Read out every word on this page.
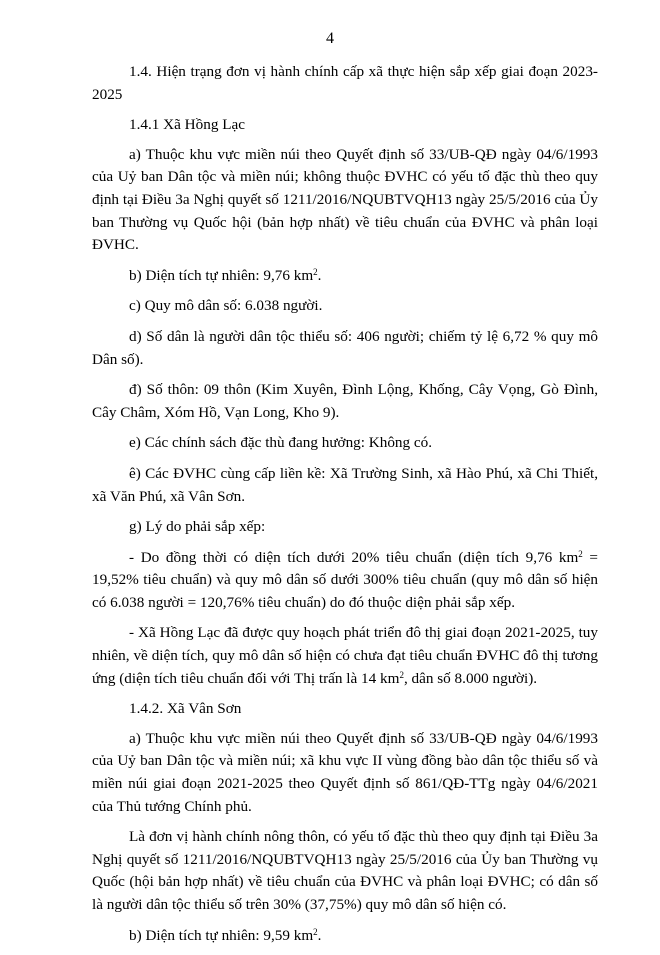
4

1.4. Hiện trạng đơn vị hành chính cấp xã thực hiện sắp xếp giai đoạn 2023-2025

1.4.1 Xã Hồng Lạc

a) Thuộc khu vực miền núi theo Quyết định số 33/UB-QĐ ngày 04/6/1993 của Uỷ ban Dân tộc và miền núi; không thuộc ĐVHC có yếu tố đặc thù theo quy định tại Điều 3a Nghị quyết số 1211/2016/NQUBTVQH13 ngày 25/5/2016 của Ủy ban Thường vụ Quốc hội (bản hợp nhất) về tiêu chuẩn của ĐVHC và phân loại ĐVHC.

b) Diện tích tự nhiên: 9,76 $km^2$.

c) Quy mô dân số: 6.038 người.

d) Số dân là người dân tộc thiểu số: 406 người; chiếm tỷ lệ 6,72 % quy mô Dân số).

đ) Số thôn: 09 thôn (Kim Xuyên, Đình Lộng, Khống, Cây Vọng, Gò Đình, Cây Châm, Xóm Hồ, Vạn Long, Kho 9).

e) Các chính sách đặc thù đang hưởng: Không có.

ê) Các ĐVHC cùng cấp liền kề: Xã Trường Sinh, xã Hào Phú, xã Chi Thiết, xã Văn Phú, xã Vân Sơn.

g) Lý do phải sắp xếp:

- Do đồng thời có diện tích dưới 20% tiêu chuẩn (diện tích 9,76 $km^2 = 19,52\%$ tiêu chuẩn) và quy mô dân số dưới 300% tiêu chuẩn (quy mô dân số hiện có 6.038 người = 120,76% tiêu chuẩn) do đó thuộc diện phải sắp xếp.

- Xã Hồng Lạc đã được quy hoạch phát triển đô thị giai đoạn 2021-2025, tuy nhiên, về diện tích, quy mô dân số hiện có chưa đạt tiêu chuẩn ĐVHC đô thị tương ứng (diện tích tiêu chuẩn đối với Thị trấn là 14 $km^2$, dân số 8.000 người).

1.4.2. Xã Vân Sơn

a) Thuộc khu vực miền núi theo Quyết định số 33/UB-QĐ ngày 04/6/1993 của Uỷ ban Dân tộc và miền núi; xã khu vực II vùng đồng bào dân tộc thiểu số và miền núi giai đoạn 2021-2025 theo Quyết định số 861/QĐ-TTg ngày 04/6/2021 của Thủ tướng Chính phủ.

Là đơn vị hành chính nông thôn, có yếu tố đặc thù theo quy định tại Điều 3a Nghị quyết số 1211/2016/NQUBTVQH13 ngày 25/5/2016 của Ủy ban Thường vụ Quốc (hội bản hợp nhất) về tiêu chuẩn của ĐVHC và phân loại ĐVHC; có dân số là người dân tộc thiểu số trên 30% (37,75%) quy mô dân số hiện có.

b) Diện tích tự nhiên: 9,59 $km^2$.
